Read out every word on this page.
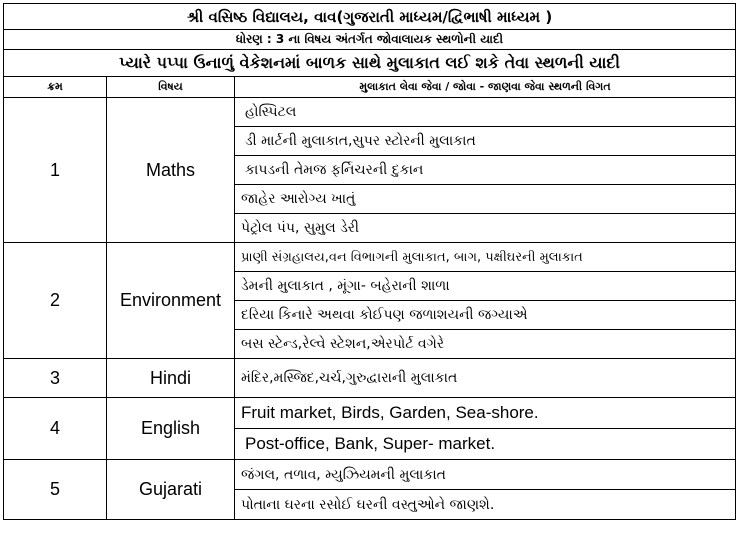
શ્રી વસિષ્ઠ વિદ્યાલય, વાવ(ગુજરાતી માધ્યમ/દ્વિભાષી માધ્યમ )		
ધોરણ : 3 ના વિષય અંતર્ગત જોવાલાયક સ્થળોની યાદી		
પ્યારે પપ્પા ઉનાળું વેકેશનમાં બાળક સાથે મુલાકાત લઈ શકે તેવા સ્થળની યાદી		
ક્રમ	વિષય	મુલાકાત લેવા જેવા / જોવા - જાણવા જેવા સ્થળની વિગત
1	Maths	હોસ્પિટલ
		ડી માર્ટની મુલાકાત,સુપર સ્ટોરની મુલાકાત
		કાપડની તેમજ ફર્નિચરની દુકાન
		જાહેર આરોગ્ય ખાતું
		પેટ્રોલ પંપ, સુમુલ ડેરી
2	Environment	પ્રાણી સંગ્રહાલય,વન વિભાગની મુલાકાત, બાગ, પક્ષીઘરની મુલાકાત
		ડેમની મુલાકાત , મૂંગા- બહેરાની શાળા
		દરિયા કિનારે અથવા કોઈપણ જળાશયની જગ્યાએ
		બસ સ્ટેન્ડ,રેલ્વે સ્ટેશન,એરપોર્ટ વગેરે
3	Hindi	મંદિર,મસ્જિદ,ચર્ચ,ગુરુદ્વારાની મુલાકાત
4	English	Fruit market, Birds, Garden, Sea-shore.
		Post-office, Bank, Super- market.
5	Gujarati	જંગલ, તળાવ, મ્યુઝિયમની મુલાકાત
		પોતાના ઘરના રસોઈ ઘરની વસ્તુઓને જાણશે.
